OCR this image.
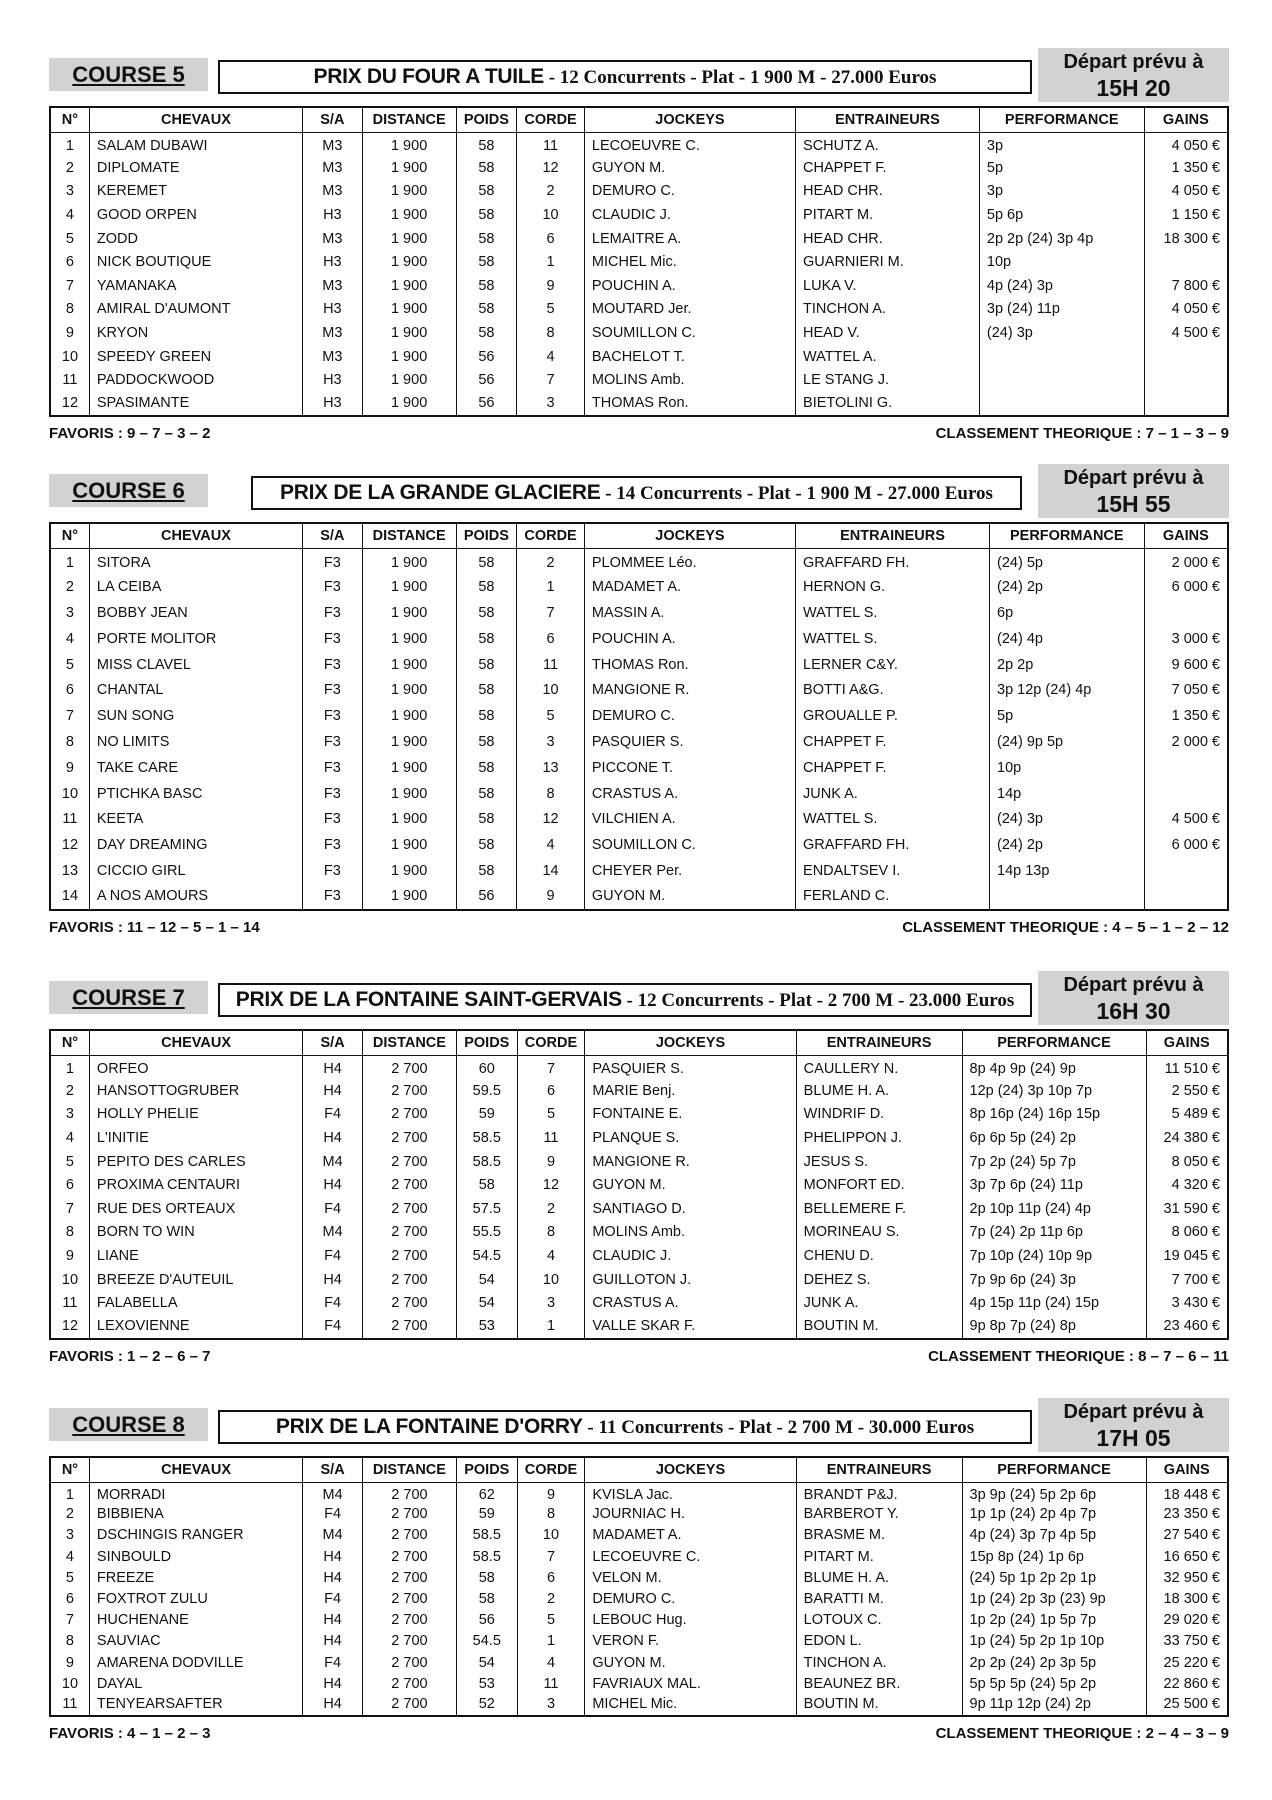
COURSE 5	PRIX DU FOUR A TUILE - 12 Concurrents - Plat - 1 900 M - 27.000 Euros
Départ prévu à
15H 20
N°	CHEVAUX	S/A	DISTANCE	POIDS	CORDE	JOCKEYS	ENTRAINEURS	PERFORMANCE	GAINS
1	SALAM DUBAWI	M3	1 900	58	11	LECOEUVRE C.	SCHUTZ A.	3p	4 050 €
2	DIPLOMATE	M3	1 900	58	12	GUYON M.	CHAPPET F.	5p	1 350 €
3	KEREMET	M3	1 900	58	2	DEMURO C.	HEAD CHR.	3p	4 050 €
4	GOOD ORPEN	H3	1 900	58	10	CLAUDIC J.	PITART M.	5p 6p	1 150 €
5	ZODD	M3	1 900	58	6	LEMAITRE A.	HEAD CHR.	2p 2p (24) 3p 4p	18 300 €
6	NICK BOUTIQUE	H3	1 900	58	1	MICHEL Mic.	GUARNIERI M.	10p	
7	YAMANAKA	M3	1 900	58	9	POUCHIN A.	LUKA V.	4p (24) 3p	7 800 €
8	AMIRAL D'AUMONT	H3	1 900	58	5	MOUTARD Jer.	TINCHON A.	3p (24) 11p	4 050 €
9	KRYON	M3	1 900	58	8	SOUMILLON C.	HEAD V.	(24) 3p	4 500 €
10	SPEEDY GREEN	M3	1 900	56	4	BACHELOT T.	WATTEL A.		
11	PADDOCKWOOD	H3	1 900	56	7	MOLINS Amb.	LE STANG J.		
12	SPASIMANTE	H3	1 900	56	3	THOMAS Ron.	BIETOLINI G.		
FAVORIS : 9 – 7 – 3 – 2	CLASSEMENT THEORIQUE : 7 – 1 – 3 – 9
COURSE 6	PRIX DE LA GRANDE GLACIERE - 14 Concurrents - Plat - 1 900 M - 27.000 Euros
Départ prévu à
15H 55
N°	CHEVAUX	S/A	DISTANCE	POIDS	CORDE	JOCKEYS	ENTRAINEURS	PERFORMANCE	GAINS
1	SITORA	F3	1 900	58	2	PLOMMEE Léo.	GRAFFARD FH.	(24) 5p	2 000 €
2	LA CEIBA	F3	1 900	58	1	MADAMET A.	HERNON G.	(24) 2p	6 000 €
3	BOBBY JEAN	F3	1 900	58	7	MASSIN A.	WATTEL S.	6p	
4	PORTE MOLITOR	F3	1 900	58	6	POUCHIN A.	WATTEL S.	(24) 4p	3 000 €
5	MISS CLAVEL	F3	1 900	58	11	THOMAS Ron.	LERNER C&Y.	2p 2p	9 600 €
6	CHANTAL	F3	1 900	58	10	MANGIONE R.	BOTTI A&G.	3p 12p (24) 4p	7 050 €
7	SUN SONG	F3	1 900	58	5	DEMURO C.	GROUALLE P.	5p	1 350 €
8	NO LIMITS	F3	1 900	58	3	PASQUIER S.	CHAPPET F.	(24) 9p 5p	2 000 €
9	TAKE CARE	F3	1 900	58	13	PICCONE T.	CHAPPET F.	10p	
10	PTICHKA BASC	F3	1 900	58	8	CRASTUS A.	JUNK A.	14p	
11	KEETA	F3	1 900	58	12	VILCHIEN A.	WATTEL S.	(24) 3p	4 500 €
12	DAY DREAMING	F3	1 900	58	4	SOUMILLON C.	GRAFFARD FH.	(24) 2p	6 000 €
13	CICCIO GIRL	F3	1 900	58	14	CHEYER Per.	ENDALTSEV I.	14p 13p	
14	A NOS AMOURS	F3	1 900	56	9	GUYON M.	FERLAND C.		
FAVORIS : 11 – 12 – 5 – 1 – 14	CLASSEMENT THEORIQUE : 4 – 5 – 1 – 2 – 12
COURSE 7	PRIX DE LA FONTAINE SAINT-GERVAIS - 12 Concurrents - Plat - 2 700 M - 23.000 Euros
Départ prévu à
16H 30
N°	CHEVAUX	S/A	DISTANCE	POIDS	CORDE	JOCKEYS	ENTRAINEURS	PERFORMANCE	GAINS
1	ORFEO	H4	2 700	60	7	PASQUIER S.	CAULLERY N.	8p 4p 9p (24) 9p	11 510 €
2	HANSOTTOGRUBER	H4	2 700	59.5	6	MARIE Benj.	BLUME H. A.	12p (24) 3p 10p 7p	2 550 €
3	HOLLY PHELIE	F4	2 700	59	5	FONTAINE E.	WINDRIF D.	8p 16p (24) 16p 15p	5 489 €
4	L'INITIE	H4	2 700	58.5	11	PLANQUE S.	PHELIPPON J.	6p 6p 5p (24) 2p	24 380 €
5	PEPITO DES CARLES	M4	2 700	58.5	9	MANGIONE R.	JESUS S.	7p 2p (24) 5p 7p	8 050 €
6	PROXIMA CENTAURI	H4	2 700	58	12	GUYON M.	MONFORT ED.	3p 7p 6p (24) 11p	4 320 €
7	RUE DES ORTEAUX	F4	2 700	57.5	2	SANTIAGO D.	BELLEMERE F.	2p 10p 11p (24) 4p	31 590 €
8	BORN TO WIN	M4	2 700	55.5	8	MOLINS Amb.	MORINEAU S.	7p (24) 2p 11p 6p	8 060 €
9	LIANE	F4	2 700	54.5	4	CLAUDIC J.	CHENU D.	7p 10p (24) 10p 9p	19 045 €
10	BREEZE D'AUTEUIL	H4	2 700	54	10	GUILLOTON J.	DEHEZ S.	7p 9p 6p (24) 3p	7 700 €
11	FALABELLA	F4	2 700	54	3	CRASTUS A.	JUNK A.	4p 15p 11p (24) 15p	3 430 €
12	LEXOVIENNE	F4	2 700	53	1	VALLE SKAR F.	BOUTIN M.	9p 8p 7p (24) 8p	23 460 €
FAVORIS : 1 – 2 – 6 – 7	CLASSEMENT THEORIQUE : 8 – 7 – 6 – 11
COURSE 8	PRIX DE LA FONTAINE D'ORRY - 11 Concurrents - Plat - 2 700 M - 30.000 Euros
Départ prévu à
17H 05
N°	CHEVAUX	S/A	DISTANCE	POIDS	CORDE	JOCKEYS	ENTRAINEURS	PERFORMANCE	GAINS
1	MORRADI	M4	2 700	62	9	KVISLA Jac.	BRANDT P&J.	3p 9p (24) 5p 2p 6p	18 448 €
2	BIBBIENA	F4	2 700	59	8	JOURNIAC H.	BARBEROT Y.	1p 1p (24) 2p 4p 7p	23 350 €
3	DSCHINGIS RANGER	M4	2 700	58.5	10	MADAMET A.	BRASME M.	4p (24) 3p 7p 4p 5p	27 540 €
4	SINBOULD	H4	2 700	58.5	7	LECOEUVRE C.	PITART M.	15p 8p (24) 1p 6p	16 650 €
5	FREEZE	H4	2 700	58	6	VELON M.	BLUME H. A.	(24) 5p 1p 2p 2p 1p	32 950 €
6	FOXTROT ZULU	F4	2 700	58	2	DEMURO C.	BARATTI M.	1p (24) 2p 3p (23) 9p	18 300 €
7	HUCHENANE	H4	2 700	56	5	LEBOUC Hug.	LOTOUX C.	1p 2p (24) 1p 5p 7p	29 020 €
8	SAUVIAC	H4	2 700	54.5	1	VERON F.	EDON L.	1p (24) 5p 2p 1p 10p	33 750 €
9	AMARENA DODVILLE	F4	2 700	54	4	GUYON M.	TINCHON A.	2p 2p (24) 2p 3p 5p	25 220 €
10	DAYAL	H4	2 700	53	11	FAVRIAUX MAL.	BEAUNEZ BR.	5p 5p 5p (24) 5p 2p	22 860 €
11	TENYEARSAFTER	H4	2 700	52	3	MICHEL Mic.	BOUTIN M.	9p 11p 12p (24) 2p	25 500 €
FAVORIS : 4 – 1 – 2 – 3	CLASSEMENT THEORIQUE : 2 – 4 – 3 – 9
